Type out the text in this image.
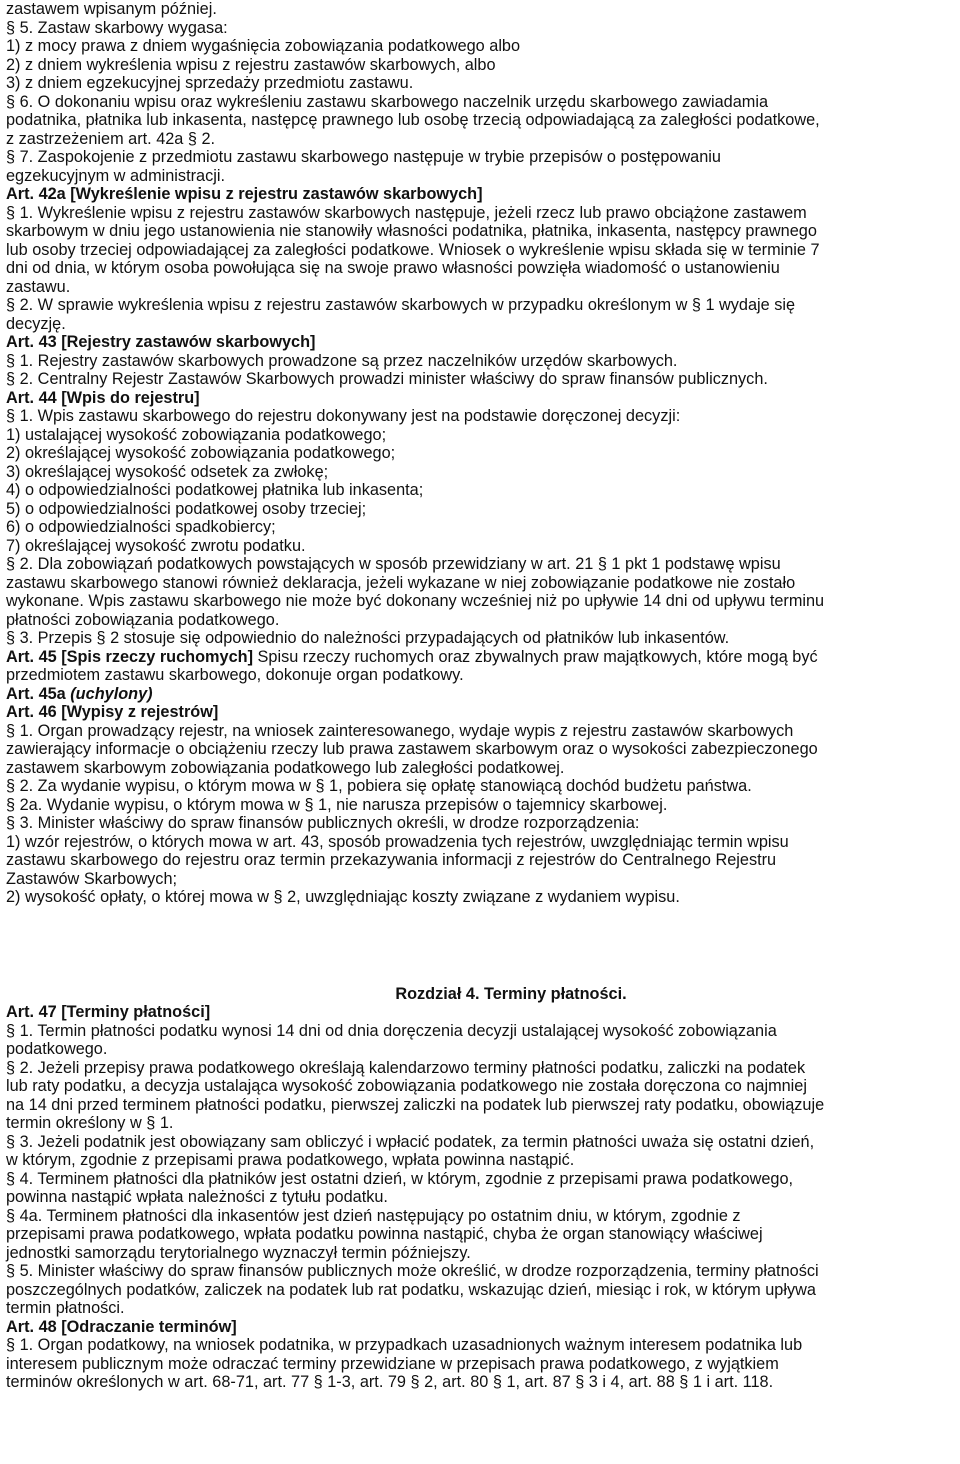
zastawem wpisanym później.
§ 5. Zastaw skarbowy wygasa:
1) z mocy prawa z dniem wygaśnięcia zobowiązania podatkowego albo
2) z dniem wykreślenia wpisu z rejestru zastawów skarbowych, albo
3) z dniem egzekucyjnej sprzedaży przedmiotu zastawu.
§ 6. O dokonaniu wpisu oraz wykreśleniu zastawu skarbowego naczelnik urzędu skarbowego zawiadamia
podatnika, płatnika lub inkasenta, następcę prawnego lub osobę trzecią odpowiadającą za zaległości podatkowe,
z zastrzeżeniem art. 42a § 2.
§ 7. Zaspokojenie z przedmiotu zastawu skarbowego następuje w trybie przepisów o postępowaniu
egzekucyjnym w administracji.
Art. 42a [Wykreślenie wpisu z rejestru zastawów skarbowych]
§ 1. Wykreślenie wpisu z rejestru zastawów skarbowych następuje, jeżeli rzecz lub prawo obciążone zastawem
skarbowym w dniu jego ustanowienia nie stanowiły własności podatnika, płatnika, inkasenta, następcy prawnego
lub osoby trzeciej odpowiadającej za zaległości podatkowe. Wniosek o wykreślenie wpisu składa się w terminie 7
dni od dnia, w którym osoba powołująca się na swoje prawo własności powzięła wiadomość o ustanowieniu
zastawu.
§ 2. W sprawie wykreślenia wpisu z rejestru zastawów skarbowych w przypadku określonym w § 1 wydaje się
decyzję.
Art. 43 [Rejestry zastawów skarbowych]
§ 1. Rejestry zastawów skarbowych prowadzone są przez naczelników urzędów skarbowych.
§ 2. Centralny Rejestr Zastawów Skarbowych prowadzi minister właściwy do spraw finansów publicznych.
Art. 44 [Wpis do rejestru]
§ 1. Wpis zastawu skarbowego do rejestru dokonywany jest na podstawie doręczonej decyzji:
1) ustalającej wysokość zobowiązania podatkowego;
2) określającej wysokość zobowiązania podatkowego;
3) określającej wysokość odsetek za zwłokę;
4) o odpowiedzialności podatkowej płatnika lub inkasenta;
5) o odpowiedzialności podatkowej osoby trzeciej;
6) o odpowiedzialności spadkobiercy;
7) określającej wysokość zwrotu podatku.
§ 2. Dla zobowiązań podatkowych powstających w sposób przewidziany w art. 21 § 1 pkt 1 podstawę wpisu
zastawu skarbowego stanowi również deklaracja, jeżeli wykazane w niej zobowiązanie podatkowe nie zostało
wykonane. Wpis zastawu skarbowego nie może być dokonany wcześniej niż po upływie 14 dni od upływu terminu
płatności zobowiązania podatkowego.
§ 3. Przepis § 2 stosuje się odpowiednio do należności przypadających od płatników lub inkasentów.
Art. 45 [Spis rzeczy ruchomych] Spisu rzeczy ruchomych oraz zbywalnych praw majątkowych, które mogą być
przedmiotem zastawu skarbowego, dokonuje organ podatkowy.
Art. 45a (uchylony)
Art. 46 [Wypisy z rejestrów]
§ 1. Organ prowadzący rejestr, na wniosek zainteresowanego, wydaje wypis z rejestru zastawów skarbowych
zawierający informacje o obciążeniu rzeczy lub prawa zastawem skarbowym oraz o wysokości zabezpieczonego
zastawem skarbowym zobowiązania podatkowego lub zaległości podatkowej.
§ 2. Za wydanie wypisu, o którym mowa w § 1, pobiera się opłatę stanowiącą dochód budżetu państwa.
§ 2a. Wydanie wypisu, o którym mowa w § 1, nie narusza przepisów o tajemnicy skarbowej.
§ 3. Minister właściwy do spraw finansów publicznych określi, w drodze rozporządzenia:
1) wzór rejestrów, o których mowa w art. 43, sposób prowadzenia tych rejestrów, uwzględniając termin wpisu
zastawu skarbowego do rejestru oraz termin przekazywania informacji z rejestrów do Centralnego Rejestru
Zastawów Skarbowych;
2) wysokość opłaty, o której mowa w § 2, uwzględniając koszty związane z wydaniem wypisu.
Rozdział 4. Terminy płatności.
Art. 47 [Terminy płatności]
§ 1. Termin płatności podatku wynosi 14 dni od dnia doręczenia decyzji ustalającej wysokość zobowiązania
podatkowego.
§ 2. Jeżeli przepisy prawa podatkowego określają kalendarzowo terminy płatności podatku, zaliczki na podatek
lub raty podatku, a decyzja ustalająca wysokość zobowiązania podatkowego nie została doręczona co najmniej
na 14 dni przed terminem płatności podatku, pierwszej zaliczki na podatek lub pierwszej raty podatku, obowiązuje
termin określony w § 1.
§ 3. Jeżeli podatnik jest obowiązany sam obliczyć i wpłacić podatek, za termin płatności uważa się ostatni dzień,
w którym, zgodnie z przepisami prawa podatkowego, wpłata powinna nastąpić.
§ 4. Terminem płatności dla płatników jest ostatni dzień, w którym, zgodnie z przepisami prawa podatkowego,
powinna nastąpić wpłata należności z tytułu podatku.
§ 4a. Terminem płatności dla inkasentów jest dzień następujący po ostatnim dniu, w którym, zgodnie z
przepisami prawa podatkowego, wpłata podatku powinna nastąpić, chyba że organ stanowiący właściwej
jednostki samorządu terytorialnego wyznaczył termin późniejszy.
§ 5. Minister właściwy do spraw finansów publicznych może określić, w drodze rozporządzenia, terminy płatności
poszczególnych podatków, zaliczek na podatek lub rat podatku, wskazując dzień, miesiąc i rok, w którym upływa
termin płatności.
Art. 48 [Odraczanie terminów]
§ 1. Organ podatkowy, na wniosek podatnika, w przypadkach uzasadnionych ważnym interesem podatnika lub
interesem publicznym może odraczać terminy przewidziane w przepisach prawa podatkowego, z wyjątkiem
terminów określonych w art. 68-71, art. 77 § 1-3, art. 79 § 2, art. 80 § 1, art. 87 § 3 i 4, art. 88 § 1 i art. 118.
